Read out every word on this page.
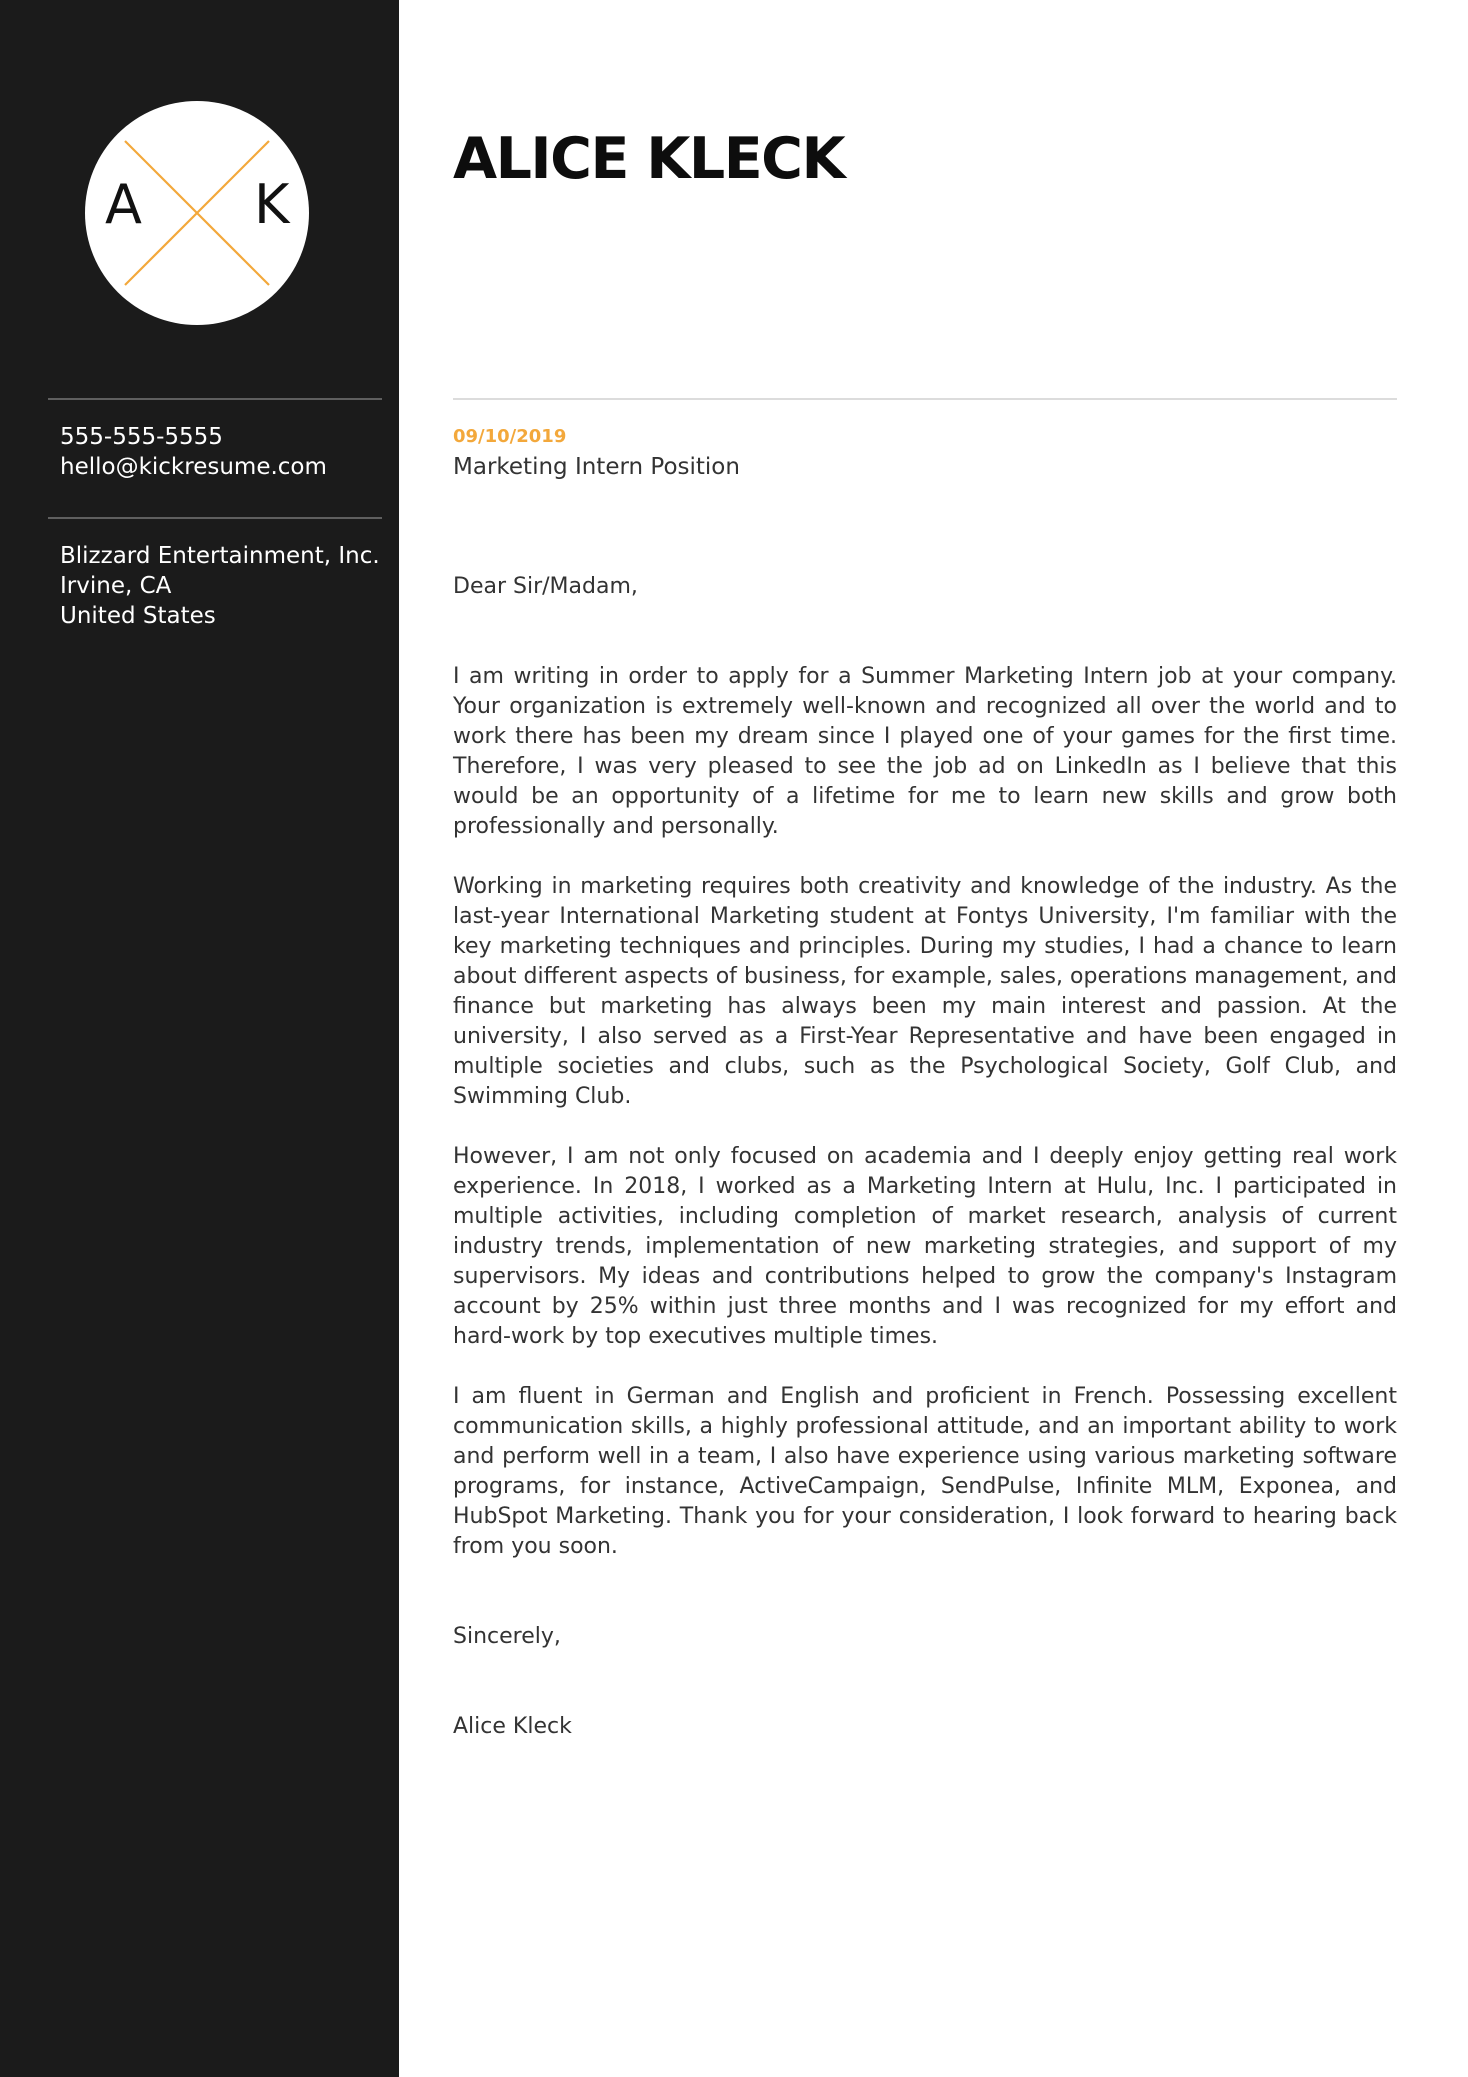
A K
555-555-5555
hello@kickresume.com
Blizzard Entertainment, Inc.
Irvine, CA
United States
ALICE KLECK
09/10/2019
Marketing Intern Position

Dear Sir/Madam,

I am writing in order to apply for a Summer Marketing Intern job at your company. Your organization is extremely well-known and recognized all over the world and to work there has been my dream since I played one of your games for the first time. Therefore, I was very pleased to see the job ad on LinkedIn as I believe that this would be an opportunity of a lifetime for me to learn new skills and grow both professionally and personally.

Working in marketing requires both creativity and knowledge of the industry. As the last-year International Marketing student at Fontys University, I'm familiar with the key marketing techniques and principles. During my studies, I had a chance to learn about different aspects of business, for example, sales, operations management, and finance but marketing has always been my main interest and passion. At the university, I also served as a First-Year Representative and have been engaged in multiple societies and clubs, such as the Psychological Society, Golf Club, and Swimming Club.

However, I am not only focused on academia and I deeply enjoy getting real work experience. In 2018, I worked as a Marketing Intern at Hulu, Inc. I participated in multiple activities, including completion of market research, analysis of current industry trends, implementation of new marketing strategies, and support of my supervisors. My ideas and contributions helped to grow the company's Instagram account by 25% within just three months and I was recognized for my effort and hard-work by top executives multiple times.

I am fluent in German and English and proficient in French. Possessing excellent communication skills, a highly professional attitude, and an important ability to work and perform well in a team, I also have experience using various marketing software programs, for instance, ActiveCampaign, SendPulse, Infinite MLM, Exponea, and HubSpot Marketing. Thank you for your consideration, I look forward to hearing back from you soon.

Sincerely,

Alice Kleck
